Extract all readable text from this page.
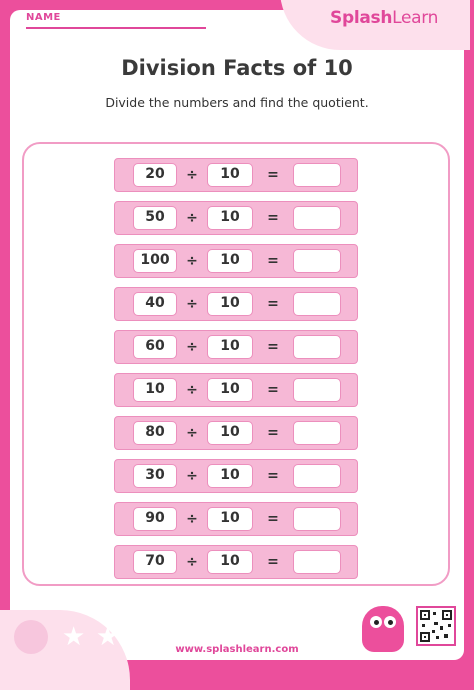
NAME	SplashLearn
Division Facts of 10
Divide the numbers and find the quotient.
20	÷	10	=
50	÷	10	=
100	÷	10	=
40	÷	10	=
60	÷	10	=
10	÷	10	=
80	÷	10	=
30	÷	10	=
90	÷	10	=
70	÷	10	=
★ ★ ★	www.splashlearn.com
